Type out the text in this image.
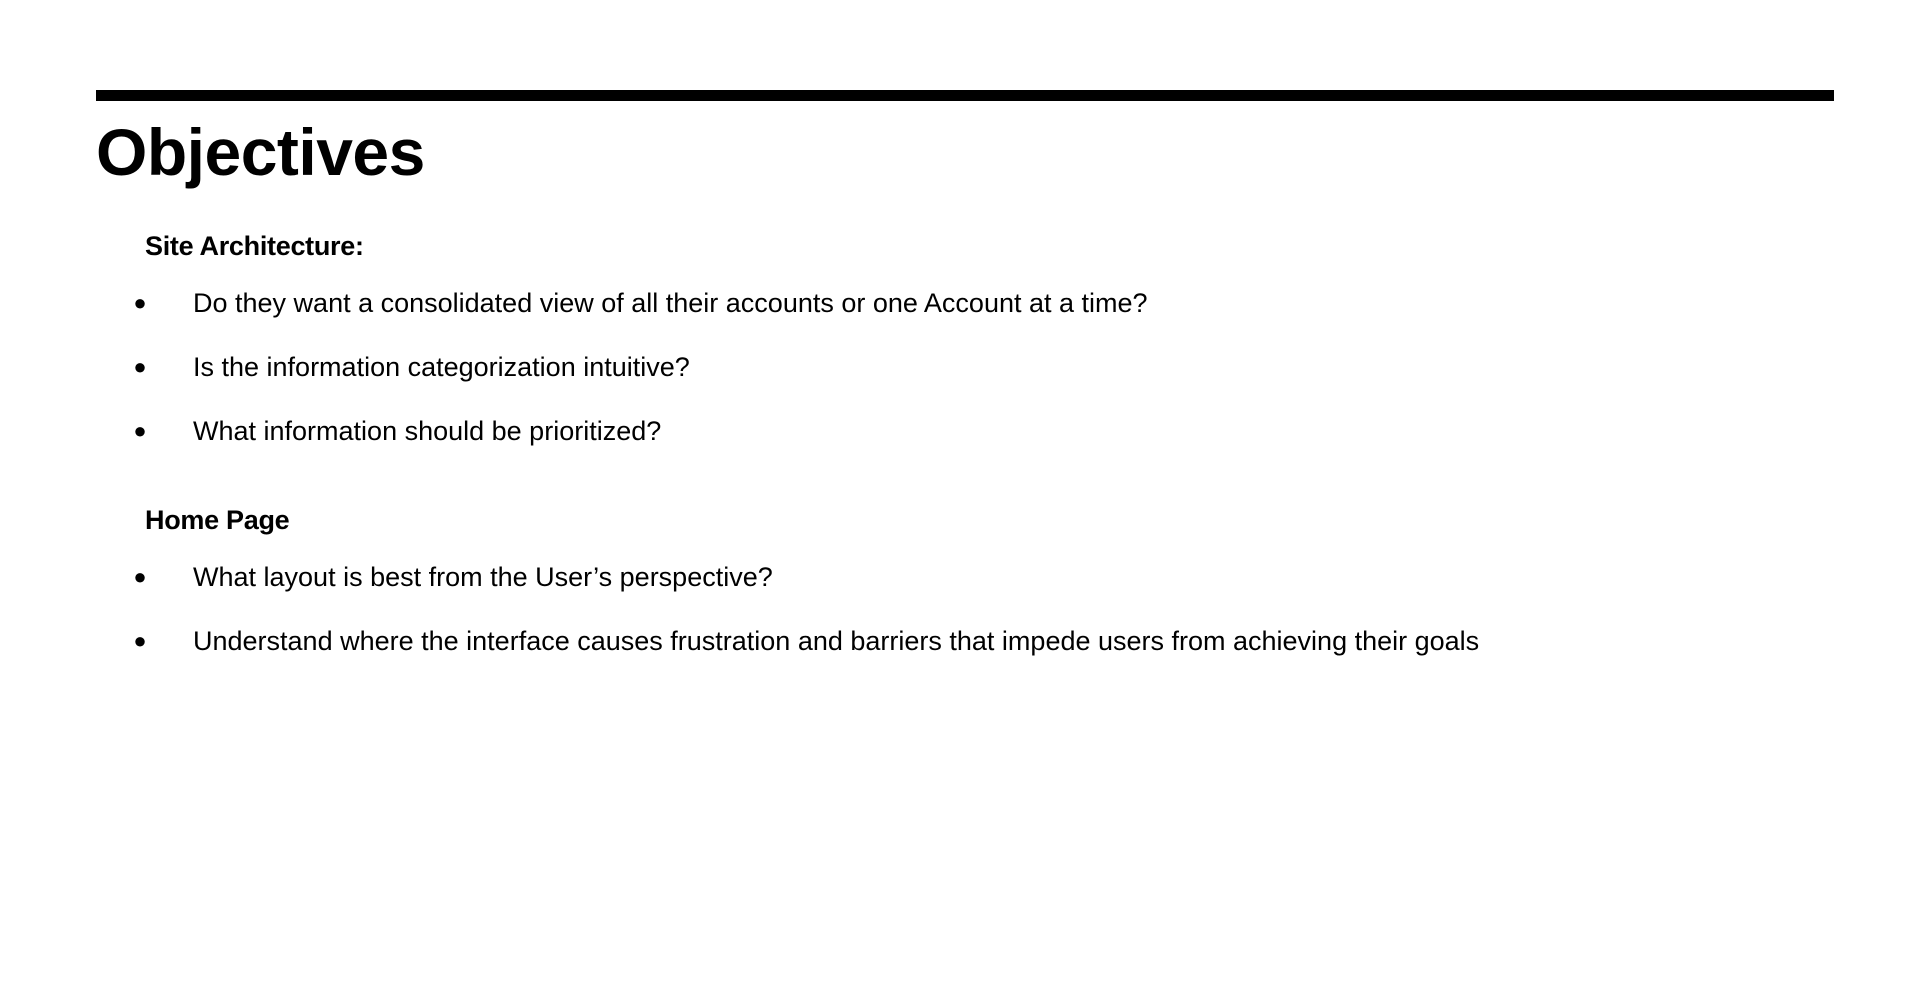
Objectives
Site Architecture:
● Do they want a consolidated view of all their accounts or one Account at a time?
● Is the information categorization intuitive?
● What information should be prioritized?
Home Page
● What layout is best from the User’s perspective?
● Understand where the interface causes frustration and barriers that impede users from achieving their goals
